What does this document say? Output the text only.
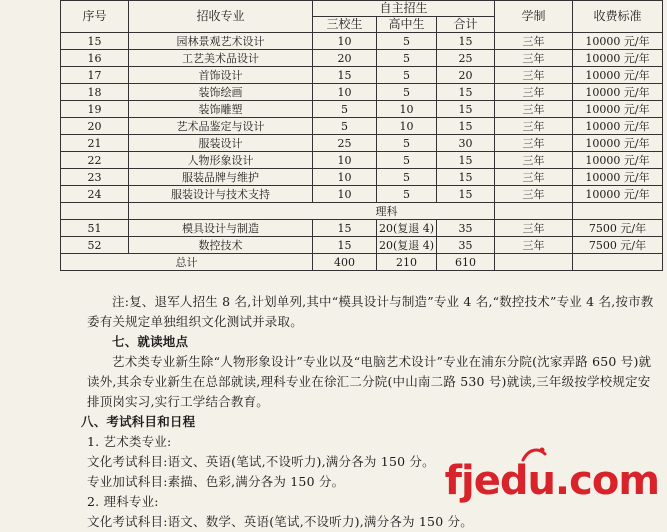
序号	招收专业	自主招生			学制	收费标准
		三校生	高中生	合计		
15	园林景观艺术设计	10	5	15	三年	10000 元/年
16	工艺美术品设计	20	5	25	三年	10000 元/年
17	首饰设计	15	5	20	三年	10000 元/年
18	装饰绘画	10	5	15	三年	10000 元/年
19	装饰雕塑	5	10	15	三年	10000 元/年
20	艺术品鉴定与设计	5	10	15	三年	10000 元/年
21	服装设计	25	5	30	三年	10000 元/年
22	人物形象设计	10	5	15	三年	10000 元/年
23	服装品牌与维护	10	5	15	三年	10000 元/年
24	服装设计与技术支持	10	5	15	三年	10000 元/年
	理科					
51	模具设计与制造	15	20(复退 4)	35	三年	7500 元/年
52	数控技术	15	20(复退 4)	35	三年	7500 元/年
总计		400	210	610		

注:复、退军人招生 8 名,计划单列,其中“模具设计与制造”专业 4 名,“数控技术”专业 4 名,按市教委有关规定单独组织文化测试并录取。

七、就读地点

艺术类专业新生除“人物形象设计”专业以及“电脑艺术设计”专业在浦东分院(沈家弄路 650 号)就读外,其余专业新生在总部就读,理科专业在徐汇二分院(中山南二路 530 号)就读,三年级按学校规定安排顶岗实习,实行工学结合教育。

八、考试科目和日程

1. 艺术类专业:

文化考试科目:语文、英语(笔试,不设听力),满分各为 150 分。

专业加试科目:素描、色彩,满分各为 150 分。

2. 理科专业:

文化考试科目:语文、数学、英语(笔试,不设听力),满分各为 150 分。

fjedu.com
